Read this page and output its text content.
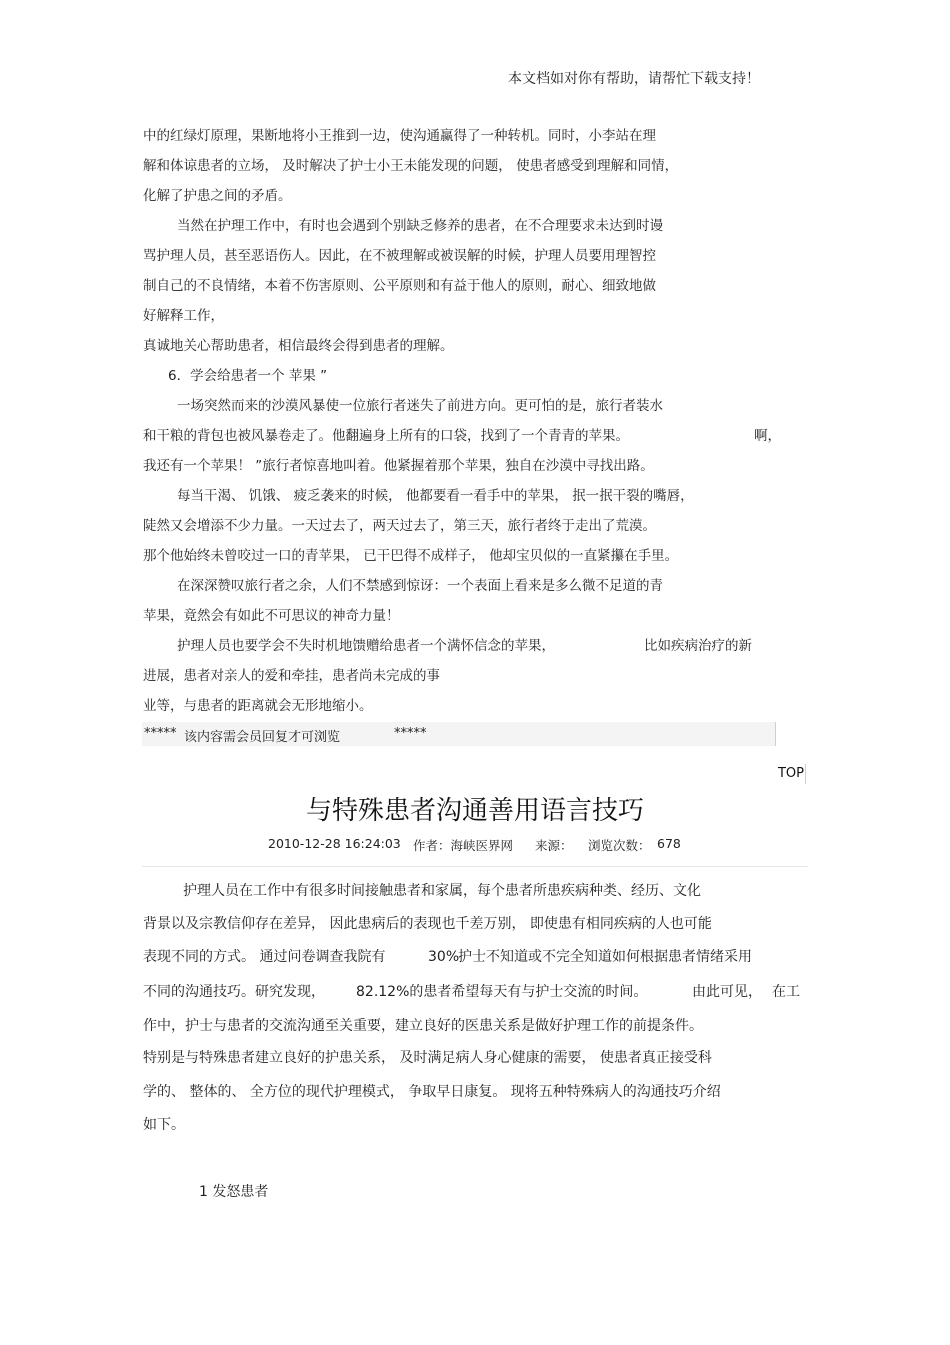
本文档如对你有帮助，请帮忙下载支持！
中的红绿灯原理，果断地将小王推到一边，使沟通赢得了一种转机。同时，小李站在理
解和体谅患者的立场， 及时解决了护士小王未能发现的问题， 使患者感受到理解和同情，
化解了护患之间的矛盾。
当然在护理工作中，有时也会遇到个别缺乏修养的患者，在不合理要求未达到时谩
骂护理人员，甚至恶语伤人。因此，在不被理解或被误解的时候，护理人员要用理智控
制自己的不良情绪，本着不伤害原则、公平原则和有益于他人的原则，耐心、细致地做
好解释工作，
真诚地关心帮助患者，相信最终会得到患者的理解。
6．学会给患者一个 苹果 ”
一场突然而来的沙漠风暴使一位旅行者迷失了前进方向。更可怕的是，旅行者装水
和干粮的背包也被风暴卷走了。他翻遍身上所有的口袋，找到了一个青青的苹果。	啊，
我还有一个苹果！ ”旅行者惊喜地叫着。他紧握着那个苹果，独自在沙漠中寻找出路。
每当干渴、 饥饿、 疲乏袭来的时候， 他都要看一看手中的苹果， 抿一抿干裂的嘴唇，
陡然又会增添不少力量。一天过去了，两天过去了，第三天，旅行者终于走出了荒漠。
那个他始终未曾咬过一口的青苹果， 已干巴得不成样子， 他却宝贝似的一直紧攥在手里。
在深深赞叹旅行者之余，人们不禁感到惊讶：一个表面上看来是多么微不足道的青
苹果，竟然会有如此不可思议的神奇力量！
护理人员也要学会不失时机地馈赠给患者一个满怀信念的苹果，	比如疾病治疗的新
进展，患者对亲人的爱和牵挂，患者尚未完成的事
业等，与患者的距离就会无形地缩小。
***** 该内容需会员回复才可浏览	*****
TOP
与特殊患者沟通善用语言技巧
2010-12-28 16:24:03 作者：海峡医界网 来源： 浏览次数： 678
护理人员在工作中有很多时间接触患者和家属，每个患者所患疾病种类、经历、文化
背景以及宗教信仰存在差异， 因此患病后的表现也千差万别， 即使患有相同疾病的人也可能
表现不同的方式。 通过问卷调查我院有	30%
护士不知道或不完全知道如何根据患者情绪采用
不同的沟通技巧。研究发现， 82.12%的患者希望每天有与护士交流的时间。	由此可见， 在工
作中，护士与患者的交流沟通至关重要，建立良好的医患关系是做好护理工作的前提条件。
特别是与特殊患者建立良好的护患关系， 及时满足病人身心健康的需要， 使患者真正接受科
学的、 整体的、 全方位的现代护理模式， 争取早日康复。 现将五种特殊病人的沟通技巧介绍
如下。
1 发怒患者
